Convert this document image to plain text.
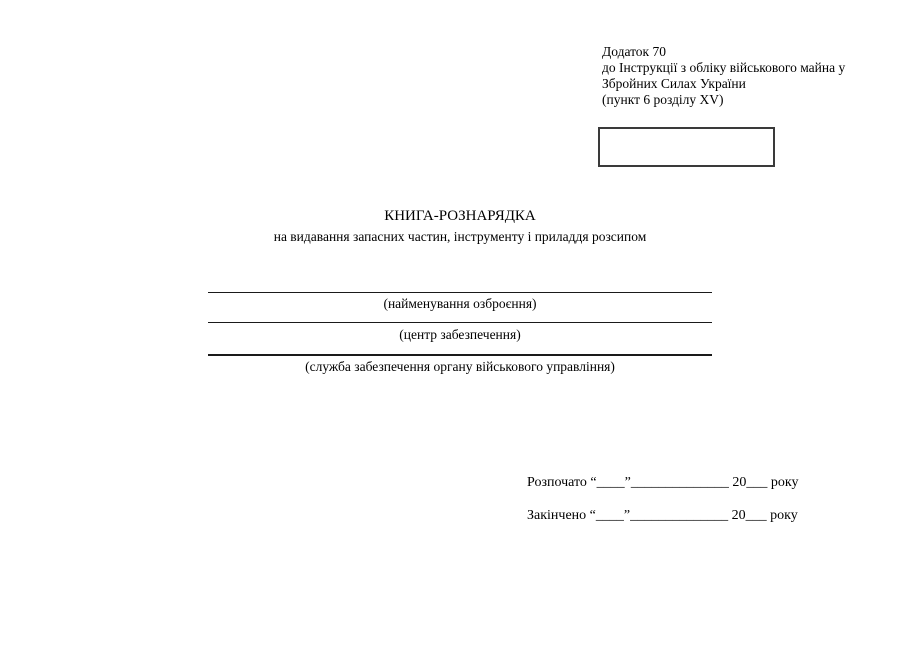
Додаток 70
до Інструкції з обліку військового майна у
Збройних Силах України
(пункт 6 розділу XV)
КНИГА-РОЗНАРЯДКА
на видавання запасних частин, інструменту і приладдя розсипом
(найменування озброєння)
(центр забезпечення)
(служба забезпечення органу військового управління)
Розпочато “____”______________ 20___ року
Закінчено “____”______________ 20___ року
